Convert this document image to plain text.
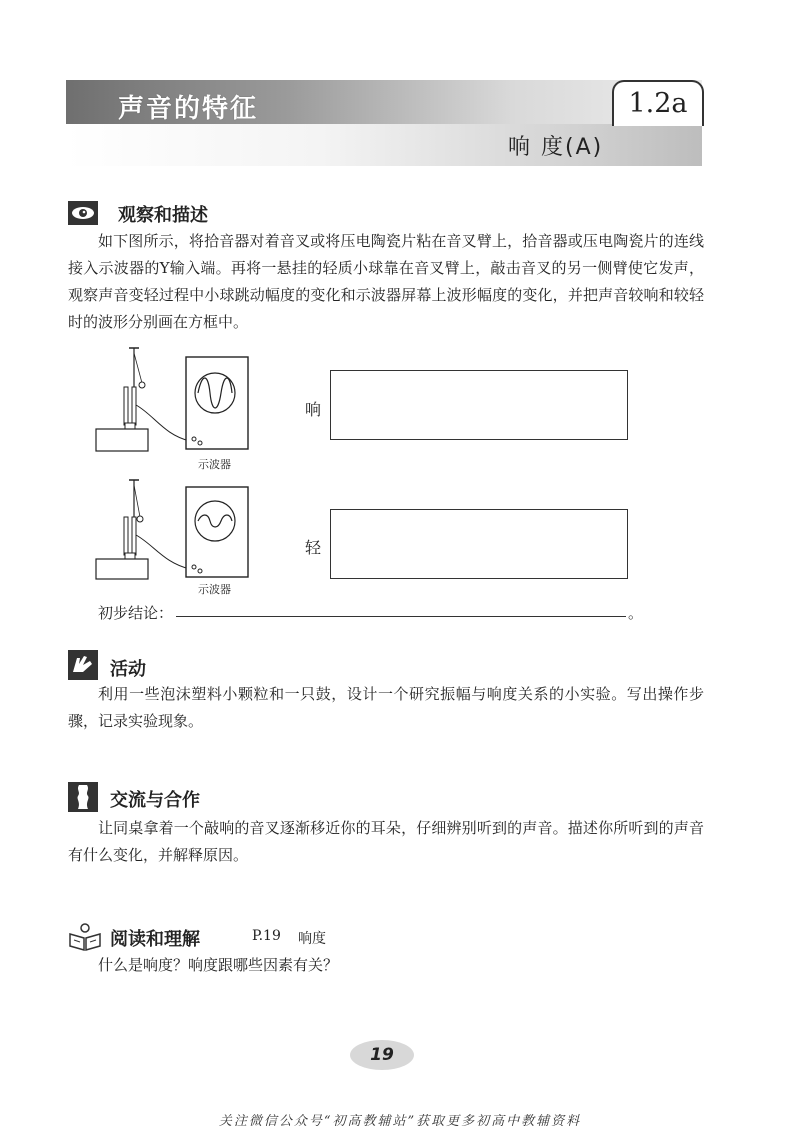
声音的特征	1.2a
响 度(A)
观察和描述
如下图所示，将拾音器对着音叉或将压电陶瓷片粘在音叉臂上，拾音器或压电陶瓷片的连线接入示波器的Y输入端。再将一悬挂的轻质小球靠在音叉臂上，敲击音叉的另一侧臂使它发声，观察声音变轻过程中小球跳动幅度的变化和示波器屏幕上波形幅度的变化，并把声音较响和较轻时的波形分别画在方框中。
示波器
响
示波器
轻
初步结论：	。
活动
利用一些泡沫塑料小颗粒和一只鼓，设计一个研究振幅与响度关系的小实验。写出操作步骤，记录实验现象。
交流与合作
让同桌拿着一个敲响的音叉逐渐移近你的耳朵，仔细辨别听到的声音。描述你所听到的声音有什么变化，并解释原因。
阅读和理解	P.19 响度
什么是响度？响度跟哪些因素有关？
19
关注微信公众号“初高教辅站”获取更多初高中教辅资料
